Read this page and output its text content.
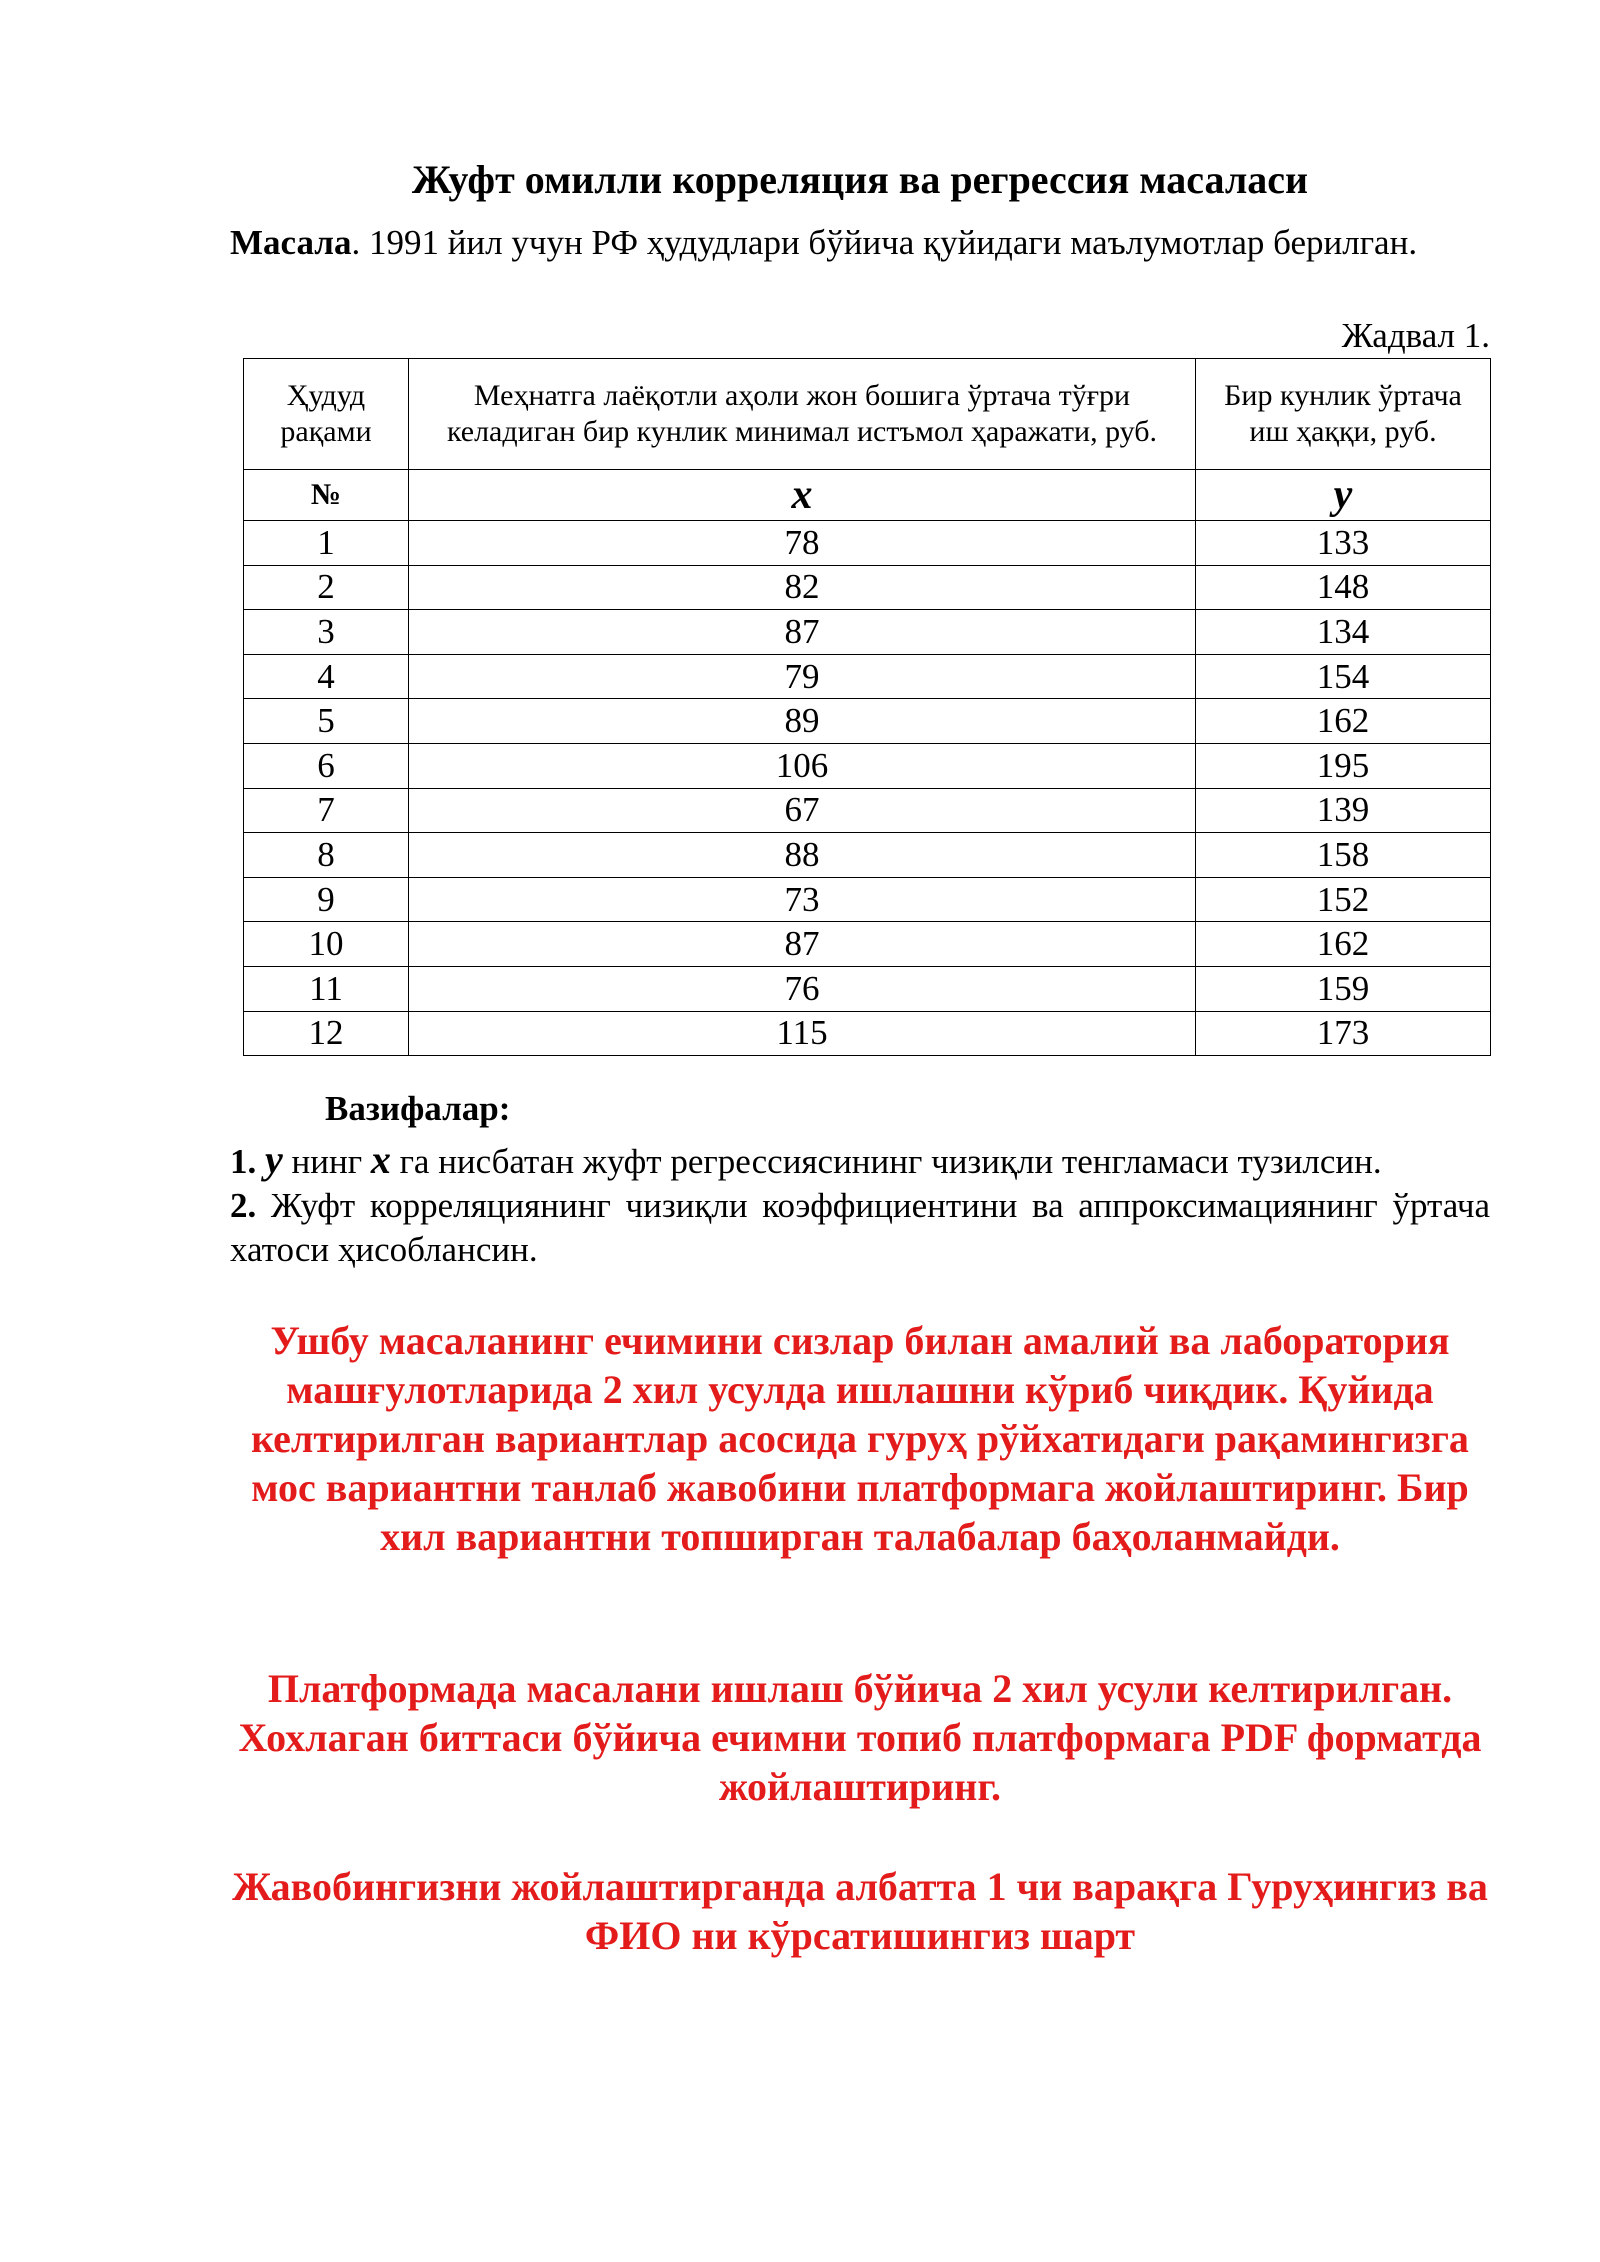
Жуфт омилли корреляция ва регрессия масаласи
Масала. 1991 йил учун РФ ҳудудлари бўйича қуйидаги маълумотлар берилган.
Жадвал 1.
Ҳудуд рақами	Меҳнатга лаёқотли аҳоли жон бошига ўртача тўғри келадиган бир кунлик минимал истъмол ҳаражати, руб.	Бир кунлик ўртача иш ҳаққи, руб.
№	x	y
1	78	133
2	82	148
3	87	134
4	79	154
5	89	162
6	106	195
7	67	139
8	88	158
9	73	152
10	87	162
11	76	159
12	115	173
Вазифалар:
1. y нинг x га нисбатан жуфт регрессиясининг чизиқли тенгламаси тузилсин.
2. Жуфт корреляциянинг чизиқли коэффициентини ва аппроксимациянинг ўртача хатоси ҳисоблансин.
Ушбу масаланинг ечимини сизлар билан амалий ва лаборатория машғулотларида 2 хил усулда ишлашни кўриб чиқдик. Қуйида келтирилган вариантлар асосида гуруҳ рўйхатидаги рақамингизга мос вариантни танлаб жавобини платформага жойлаштиринг. Бир хил вариантни топширган талабалар баҳоланмайди.
Платформада масалани ишлаш бўйича 2 хил усули келтирилган. Хохлаган биттаси бўйича ечимни топиб платформага PDF форматда жойлаштиринг.
Жавобингизни жойлаштирганда албатта 1 чи варақга Гуруҳингиз ва ФИО ни кўрсатишингиз шарт
